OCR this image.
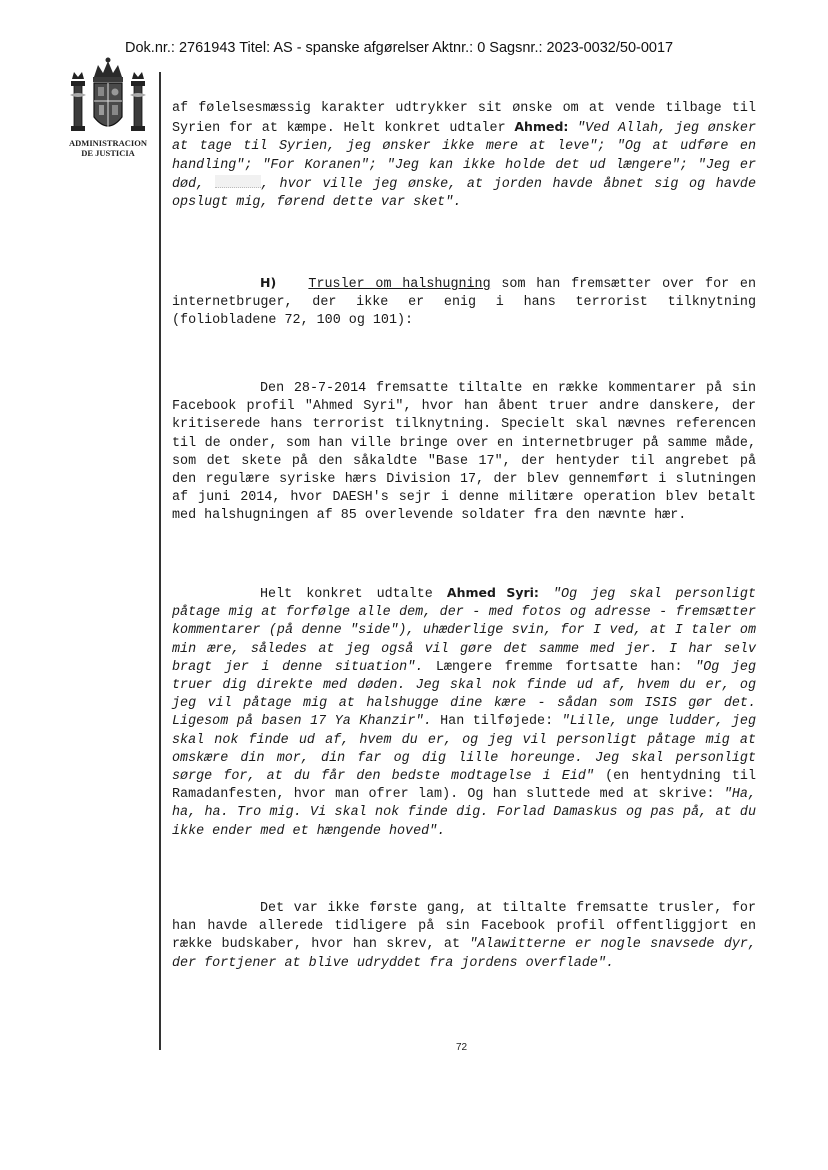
Dok.nr.: 2761943 Titel: AS - spanske afgørelser Aktnr.: 0 Sagsnr.: 2023-0032/50-0017
ADMINISTRACION
DE JUSTICIA

af følelsesmæssig karakter udtrykker sit ønske om at vende tilbage til Syrien for at kæmpe. Helt konkret udtaler Ahmed: "Ved Allah, jeg ønsker at tage til Syrien, jeg ønsker ikke mere at leve"; "Og at udføre en handling"; "For Koranen"; "Jeg kan ikke holde det ud længere"; "Jeg er død,	, hvor ville jeg ønske, at jorden havde åbnet sig og havde opslugt mig, førend dette var sket".

H) Trusler om halshugning som han fremsætter over for en internetbruger, der ikke er enig i hans terrorist tilknytning (foliobladene 72, 100 og 101):

Den 28-7-2014 fremsatte tiltalte en række kommentarer på sin Facebook profil "Ahmed Syri", hvor han åbent truer andre danskere, der kritiserede hans terrorist tilknytning. Specielt skal nævnes referencen til de onder, som han ville bringe over en internetbruger på samme måde, som det skete på den såkaldte "Base 17", der hentyder til angrebet på den regulære syriske hærs Division 17, der blev gennemført i slutningen af juni 2014, hvor DAESH's sejr i denne militære operation blev betalt med halshugningen af 85 overlevende soldater fra den nævnte hær.

Helt konkret udtalte Ahmed Syri: "Og jeg skal personligt påtage mig at forfølge alle dem, der - med fotos og adresse - fremsætter kommentarer (på denne "side"), uhæderlige svin, for I ved, at I taler om min ære, således at jeg også vil gøre det samme med jer. I har selv bragt jer i denne situation". Længere fremme fortsatte han: "Og jeg truer dig direkte med døden. Jeg skal nok finde ud af, hvem du er, og jeg vil påtage mig at halshugge dine kære - sådan som ISIS gør det. Ligesom på basen 17 Ya Khanzir". Han tilføjede: "Lille, unge ludder, jeg skal nok finde ud af, hvem du er, og jeg vil personligt påtage mig at omskære din mor, din far og dig lille horeunge. Jeg skal personligt sørge for, at du får den bedste modtagelse i Eid" (en hentydning til Ramadanfesten, hvor man ofrer lam). Og han sluttede med at skrive: "Ha, ha, ha. Tro mig. Vi skal nok finde dig. Forlad Damaskus og pas på, at du ikke ender med et hængende hoved".

Det var ikke første gang, at tiltalte fremsatte trusler, for han havde allerede tidligere på sin Facebook profil offentliggjort en række budskaber, hvor han skrev, at "Alawitterne er nogle snavsede dyr, der fortjener at blive udryddet fra jordens overflade".

72
